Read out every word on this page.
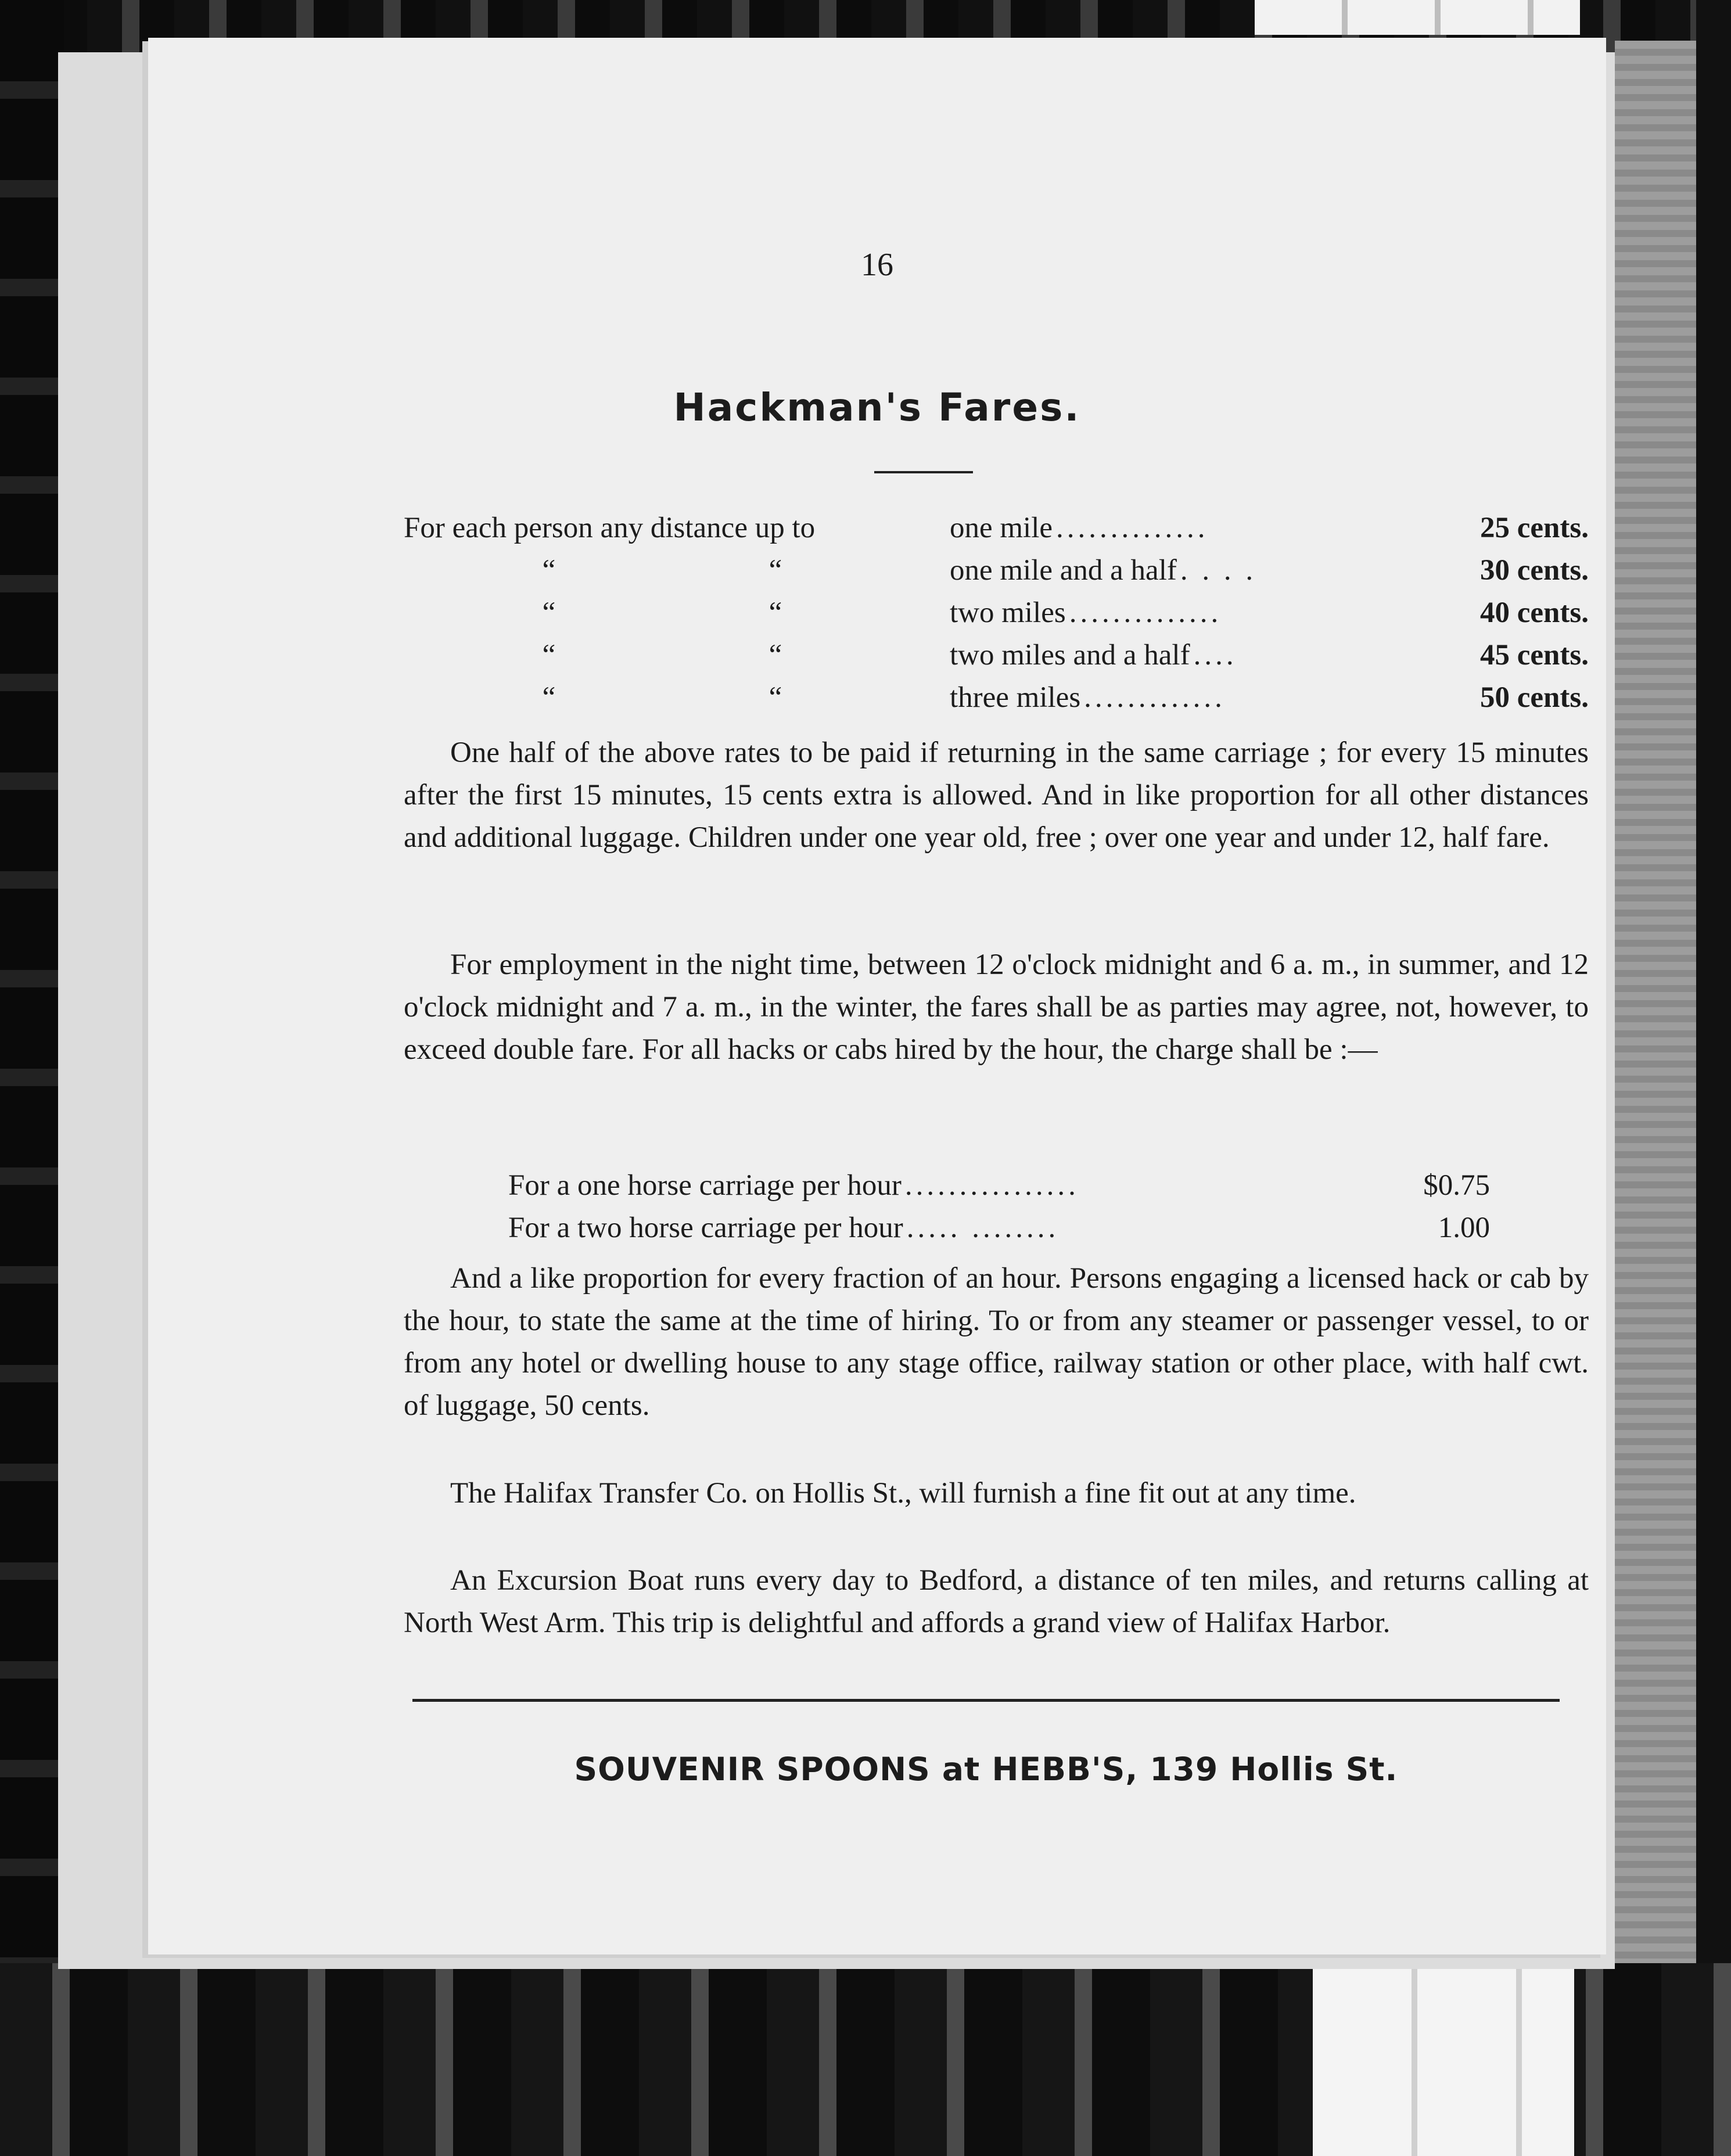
16
Hackman's Fares.
For each person any distance up to	one mile ..............	25 cents.
“	“	one mile and a half . . . .	30 cents.
“	“	two miles ..............	40 cents.
“	“	two miles and a half ....	45 cents.
“	“	three miles .............	50 cents.
One half of the above rates to be paid if returning in the same carriage ; for every 15 minutes after the first 15 minutes, 15 cents extra is allowed. And in like proportion for all other distances and additional luggage. Children under one year old, free ; over one year and under 12, half fare.
For employment in the night time, between 12 o'clock midnight and 6 a. m., in summer, and 12 o'clock midnight and 7 a. m., in the winter, the fares shall be as parties may agree, not, however, to exceed double fare. For all hacks or cabs hired by the hour, the charge shall be :—
For a one horse carriage per hour ................	$0.75
For a two horse carriage per hour ..... ........	1.00
And a like proportion for every fraction of an hour. Persons engaging a licensed hack or cab by the hour, to state the same at the time of hiring. To or from any steamer or passenger vessel, to or from any hotel or dwelling house to any stage office, railway station or other place, with half cwt. of luggage, 50 cents.
The Halifax Transfer Co. on Hollis St., will furnish a fine fit out at any time.
An Excursion Boat runs every day to Bedford, a distance of ten miles, and returns calling at North West Arm. This trip is delightful and affords a grand view of Halifax Harbor.
SOUVENIR SPOONS at HEBB'S, 139 Hollis St.
